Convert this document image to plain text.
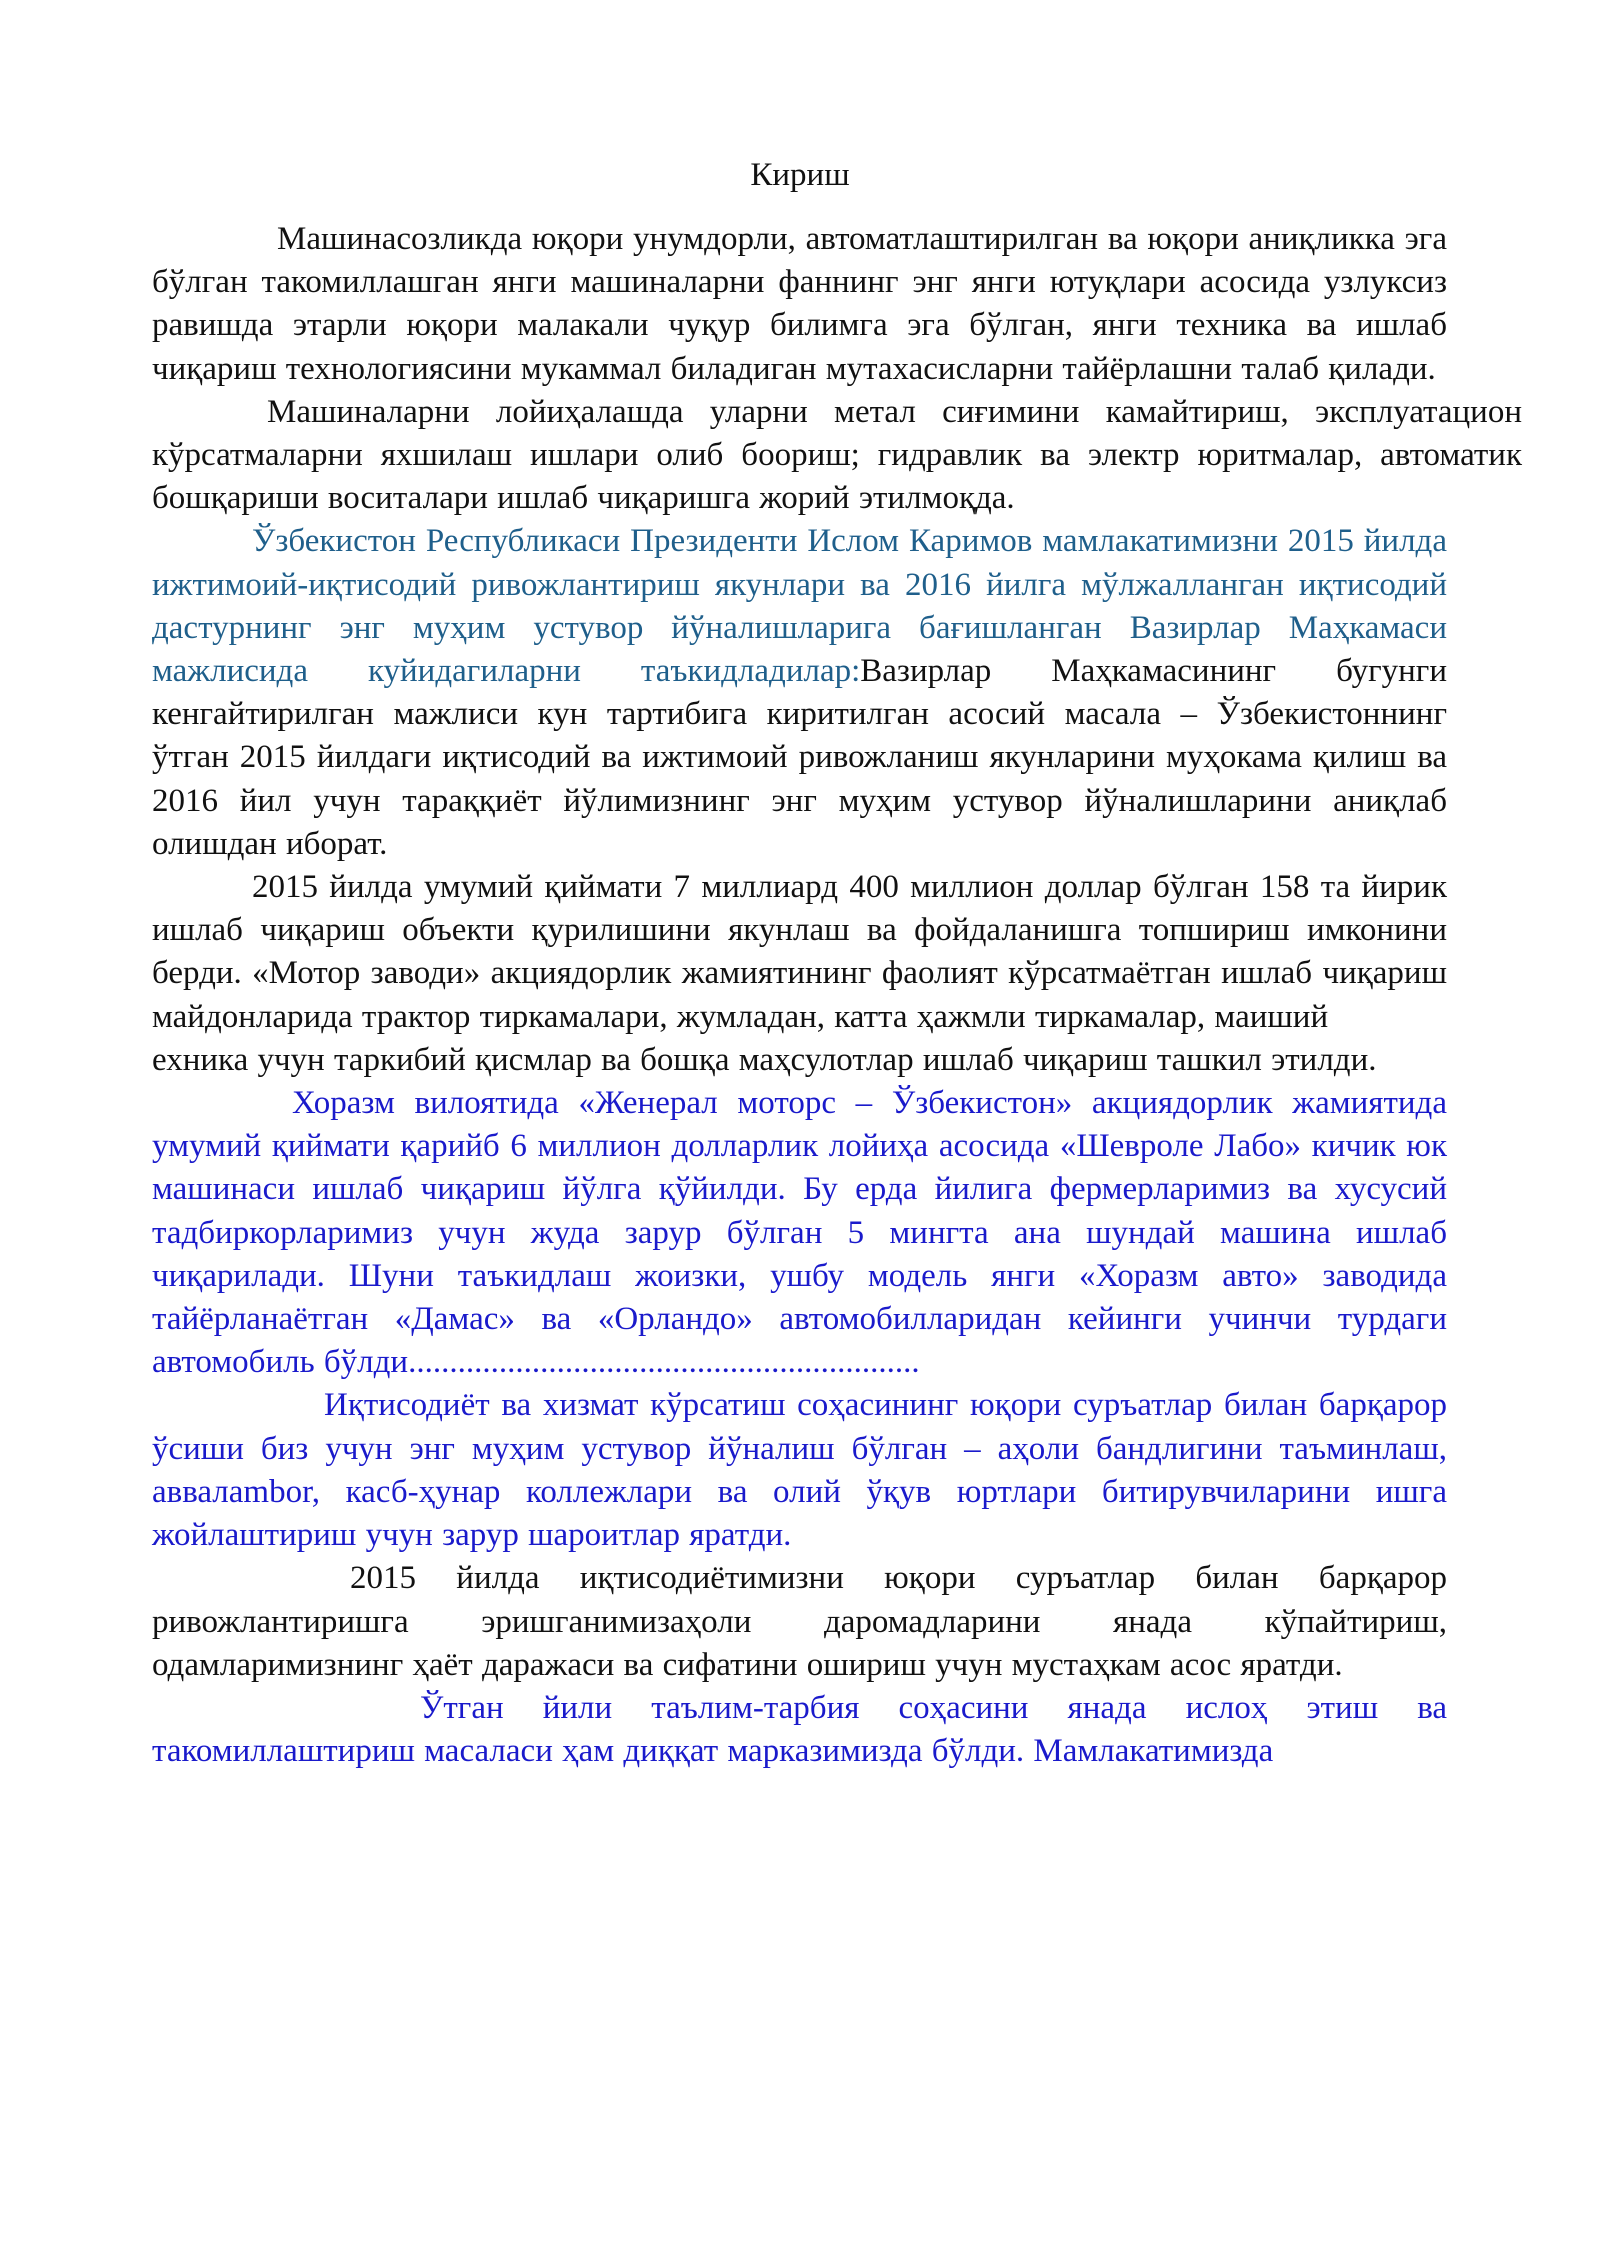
Кириш

Машинасозликда юқори унумдорли, автоматлаштирилган ва юқори аниқликка эга бўлган такомиллашган янги машиналарни фаннинг энг янги ютуқлари асосида узлуксиз равишда этарли юқори малакали чуқур билимга эга бўлган, янги техника ва ишлаб чиқариш технологиясини мукаммал биладиган мутахасисларни тайёрлашни талаб қилади.

Машиналарни лойиҳалашда уларни метал сиғимини камайтириш, эксплуатацион кўрсатмаларни яхшилаш ишлари олиб боориш; гидравлик ва электр юритмалар, автоматик бошқариши воситалари ишлаб чиқаришга жорий этилмоқда.

Ўзбекистон Республикаси Президенти Ислом Каримов мамлакатимизни 2015 йилда ижтимоий-иқтисодий ривожлантириш якунлари ва 2016 йилга мўлжалланган иқтисодий дастурнинг энг муҳим устувор йўналишларига бағишланган Вазирлар Маҳкамаси мажлисида куйидагиларни таъкидладилар:Вазирлар Маҳкамасининг бугунги кенгайтирилган мажлиси кун тартибига киритилган асосий масала – Ўзбекистоннинг ўтган 2015 йилдаги иқтисодий ва ижтимоий ривожланиш якунларини муҳокама қилиш ва 2016 йил учун тараққиёт йўлимизнинг энг муҳим устувор йўналишларини аниқлаб олишдан иборат.

2015 йилда умумий қиймати 7 миллиард 400 миллион доллар бўлган 158 та йирик ишлаб чиқариш объекти қурилишини якунлаш ва фойдаланишга топшириш имконини берди. «Мотор заводи» акциядорлик жамиятининг фаолият кўрсатмаётган ишлаб чиқариш майдонларида трактор тиркамалари, жумладан, катта ҳажмли тиркамалар, маиший

ехника учун таркибий қисмлар ва бошқа маҳсулотлар ишлаб чиқариш ташкил этилди.

Хоразм вилоятида «Женерал моторс – Ўзбекистон» акциядорлик жамиятида умумий қиймати қарийб 6 миллион долларлик лойиҳа асосида «Шевроле Лабо» кичик юк машинаси ишлаб чиқариш йўлга қўйилди. Бу ерда йилига фермерларимиз ва хусусий тадбиркорларимиз учун жуда зарур бўлган 5 мингта ана шундай машина ишлаб чиқарилади. Шуни таъкидлаш жоизки, ушбу модель янги «Хоразм авто» заводида тайёрланаётган «Дамас» ва «Орландо» автомобилларидан кейинги учинчи турдаги автомобиль бўлди..............................................................

Иқтисодиёт ва хизмат кўрсатиш соҳасининг юқори суръатлар билан барқарор ўсиши биз учун энг муҳим устувор йўналиш бўлган – аҳоли бандлигини таъминлаш, аввалambor, касб-ҳунар коллежлари ва олий ўқув юртлари битирувчиларини ишга жойлаштириш учун зарур шароитлар яратди.

2015 йилда иқтисодиётимизни юқори суръатлар билан барқарор ривожлантиришга эришганимизаҳоли даромадларини янада кўпайтириш, одамларимизнинг ҳаёт даражаси ва сифатини ошириш учун мустаҳкам асос яратди.

Ўтган йили таълим-тарбия соҳасини янада ислоҳ этиш ва такомиллаштириш масаласи ҳам диққат марказимизда бўлди. Мамлакатимизда
